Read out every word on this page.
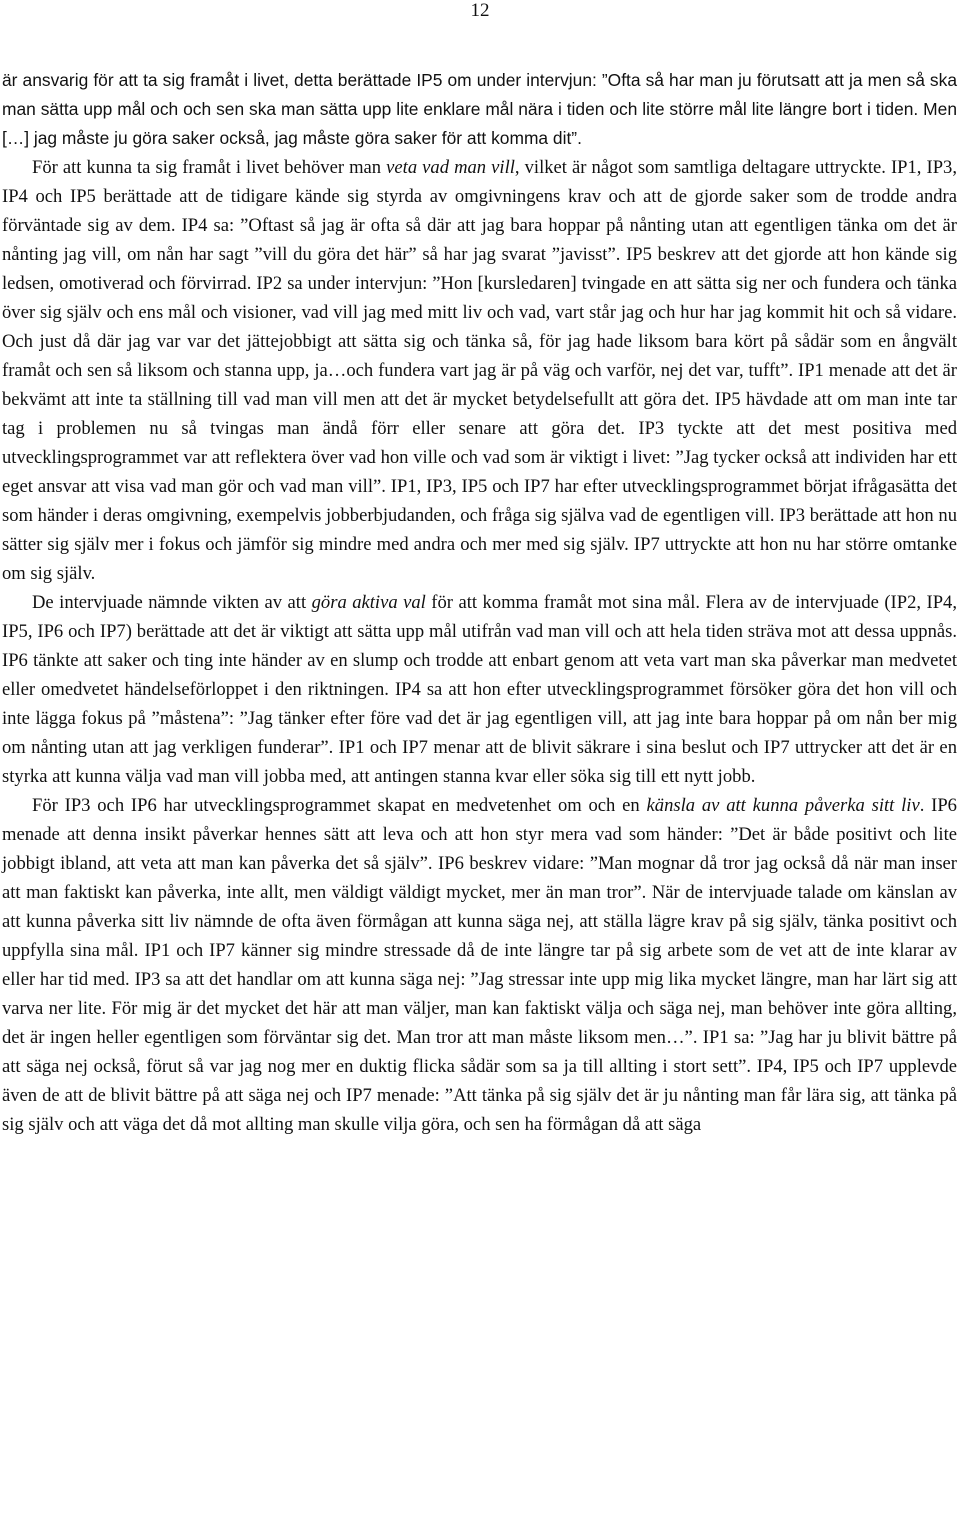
12

är ansvarig för att ta sig framåt i livet, detta berättade IP5 om under intervjun: ”Ofta så har man ju förutsatt att ja men så ska man sätta upp mål och och sen ska man sätta upp lite enklare mål nära i tiden och lite större mål lite längre bort i tiden. Men […] jag måste ju göra saker också, jag måste göra saker för att komma dit”.

För att kunna ta sig framåt i livet behöver man veta vad man vill, vilket är något som samtliga deltagare uttryckte. IP1, IP3, IP4 och IP5 berättade att de tidigare kände sig styrda av omgivningens krav och att de gjorde saker som de trodde andra förväntade sig av dem. IP4 sa: ”Oftast så jag är ofta så där att jag bara hoppar på nånting utan att egentligen tänka om det är nånting jag vill, om nån har sagt ”vill du göra det här” så har jag svarat ”javisst”. IP5 beskrev att det gjorde att hon kände sig ledsen, omotiverad och förvirrad. IP2 sa under intervjun: ”Hon [kursledaren] tvingade en att sätta sig ner och fundera och tänka över sig själv och ens mål och visioner, vad vill jag med mitt liv och vad, vart står jag och hur har jag kommit hit och så vidare. Och just då där jag var var det jättejobbigt att sätta sig och tänka så, för jag hade liksom bara kört på sådär som en ångvält framåt och sen så liksom och stanna upp, ja…och fundera vart jag är på väg och varför, nej det var, tufft”. IP1 menade att det är bekvämt att inte ta ställning till vad man vill men att det är mycket betydelsefullt att göra det. IP5 hävdade att om man inte tar tag i problemen nu så tvingas man ändå förr eller senare att göra det. IP3 tyckte att det mest positiva med utvecklingsprogrammet var att reflektera över vad hon ville och vad som är viktigt i livet: ”Jag tycker också att individen har ett eget ansvar att visa vad man gör och vad man vill”. IP1, IP3, IP5 och IP7 har efter utvecklingsprogrammet börjat ifrågasätta det som händer i deras omgivning, exempelvis jobberbjudanden, och fråga sig själva vad de egentligen vill. IP3 berättade att hon nu sätter sig själv mer i fokus och jämför sig mindre med andra och mer med sig själv. IP7 uttryckte att hon nu har större omtanke om sig själv.

De intervjuade nämnde vikten av att göra aktiva val för att komma framåt mot sina mål. Flera av de intervjuade (IP2, IP4, IP5, IP6 och IP7) berättade att det är viktigt att sätta upp mål utifrån vad man vill och att hela tiden sträva mot att dessa uppnås. IP6 tänkte att saker och ting inte händer av en slump och trodde att enbart genom att veta vart man ska påverkar man medvetet eller omedvetet händelseförloppet i den riktningen. IP4 sa att hon efter utvecklingsprogrammet försöker göra det hon vill och inte lägga fokus på ”måstena”: ”Jag tänker efter före vad det är jag egentligen vill, att jag inte bara hoppar på om nån ber mig om nånting utan att jag verkligen funderar”. IP1 och IP7 menar att de blivit säkrare i sina beslut och IP7 uttrycker att det är en styrka att kunna välja vad man vill jobba med, att antingen stanna kvar eller söka sig till ett nytt jobb.

För IP3 och IP6 har utvecklingsprogrammet skapat en medvetenhet om och en känsla av att kunna påverka sitt liv. IP6 menade att denna insikt påverkar hennes sätt att leva och att hon styr mera vad som händer: ”Det är både positivt och lite jobbigt ibland, att veta att man kan påverka det så själv”. IP6 beskrev vidare: ”Man mognar då tror jag också då när man inser att man faktiskt kan påverka, inte allt, men väldigt väldigt mycket, mer än man tror”. När de intervjuade talade om känslan av att kunna påverka sitt liv nämnde de ofta även förmågan att kunna säga nej, att ställa lägre krav på sig själv, tänka positivt och uppfylla sina mål. IP1 och IP7 känner sig mindre stressade då de inte längre tar på sig arbete som de vet att de inte klarar av eller har tid med. IP3 sa att det handlar om att kunna säga nej: ”Jag stressar inte upp mig lika mycket längre, man har lärt sig att varva ner lite. För mig är det mycket det här att man väljer, man kan faktiskt välja och säga nej, man behöver inte göra allting, det är ingen heller egentligen som förväntar sig det. Man tror att man måste liksom men…”. IP1 sa: ”Jag har ju blivit bättre på att säga nej också, förut så var jag nog mer en duktig flicka sådär som sa ja till allting i stort sett”. IP4, IP5 och IP7 upplevde även de att de blivit bättre på att säga nej och IP7 menade: ”Att tänka på sig själv det är ju nånting man får lära sig, att tänka på sig själv och att väga det då mot allting man skulle vilja göra, och sen ha förmågan då att säga
